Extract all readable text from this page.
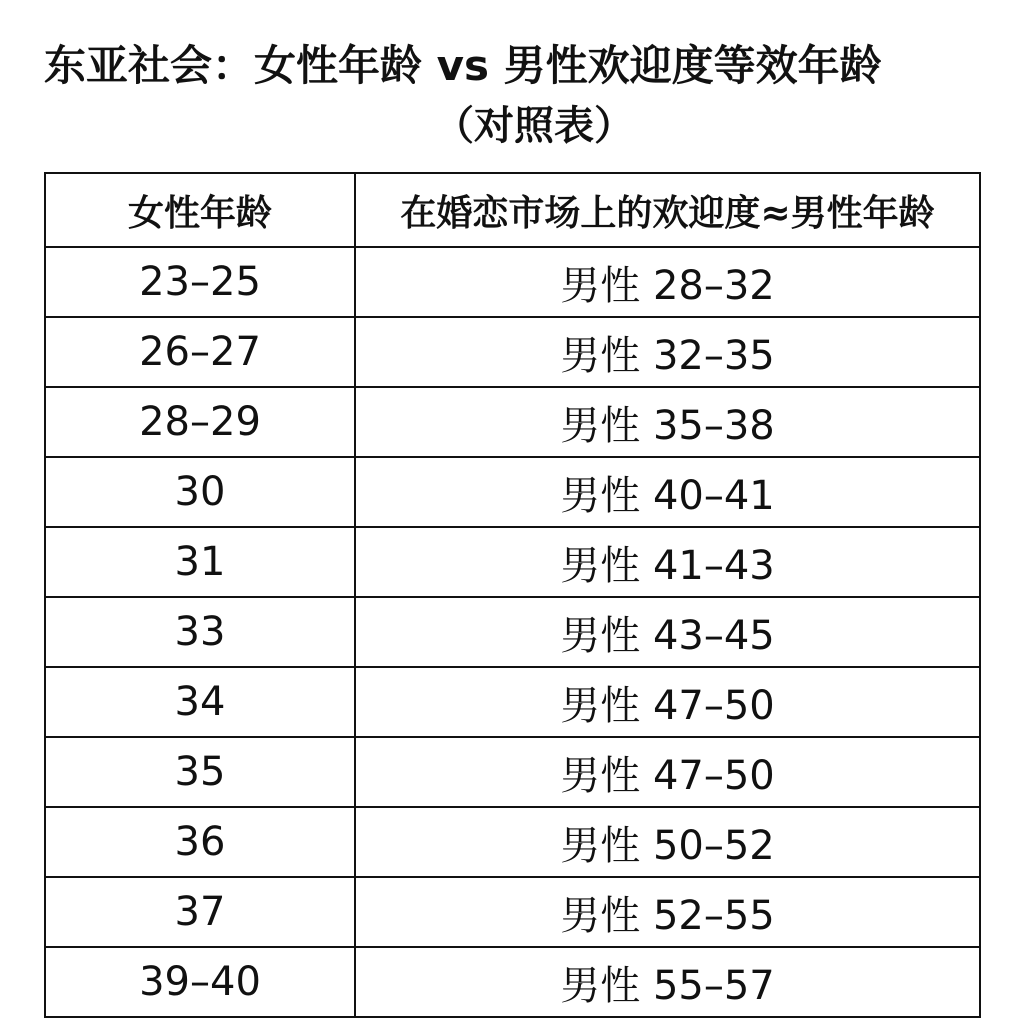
东亚社会：女性年龄 vs 男性欢迎度等效年龄
（对照表）
女性年龄	在婚恋市场上的欢迎度≈男性年龄
23–25	男性 28–32
26–27	男性 32–35
28–29	男性 35–38
30	男性 40–41
31	男性 41–43
33	男性 43–45
34	男性 47–50
35	男性 47–50
36	男性 50–52
37	男性 52–55
39–40	男性 55–57
